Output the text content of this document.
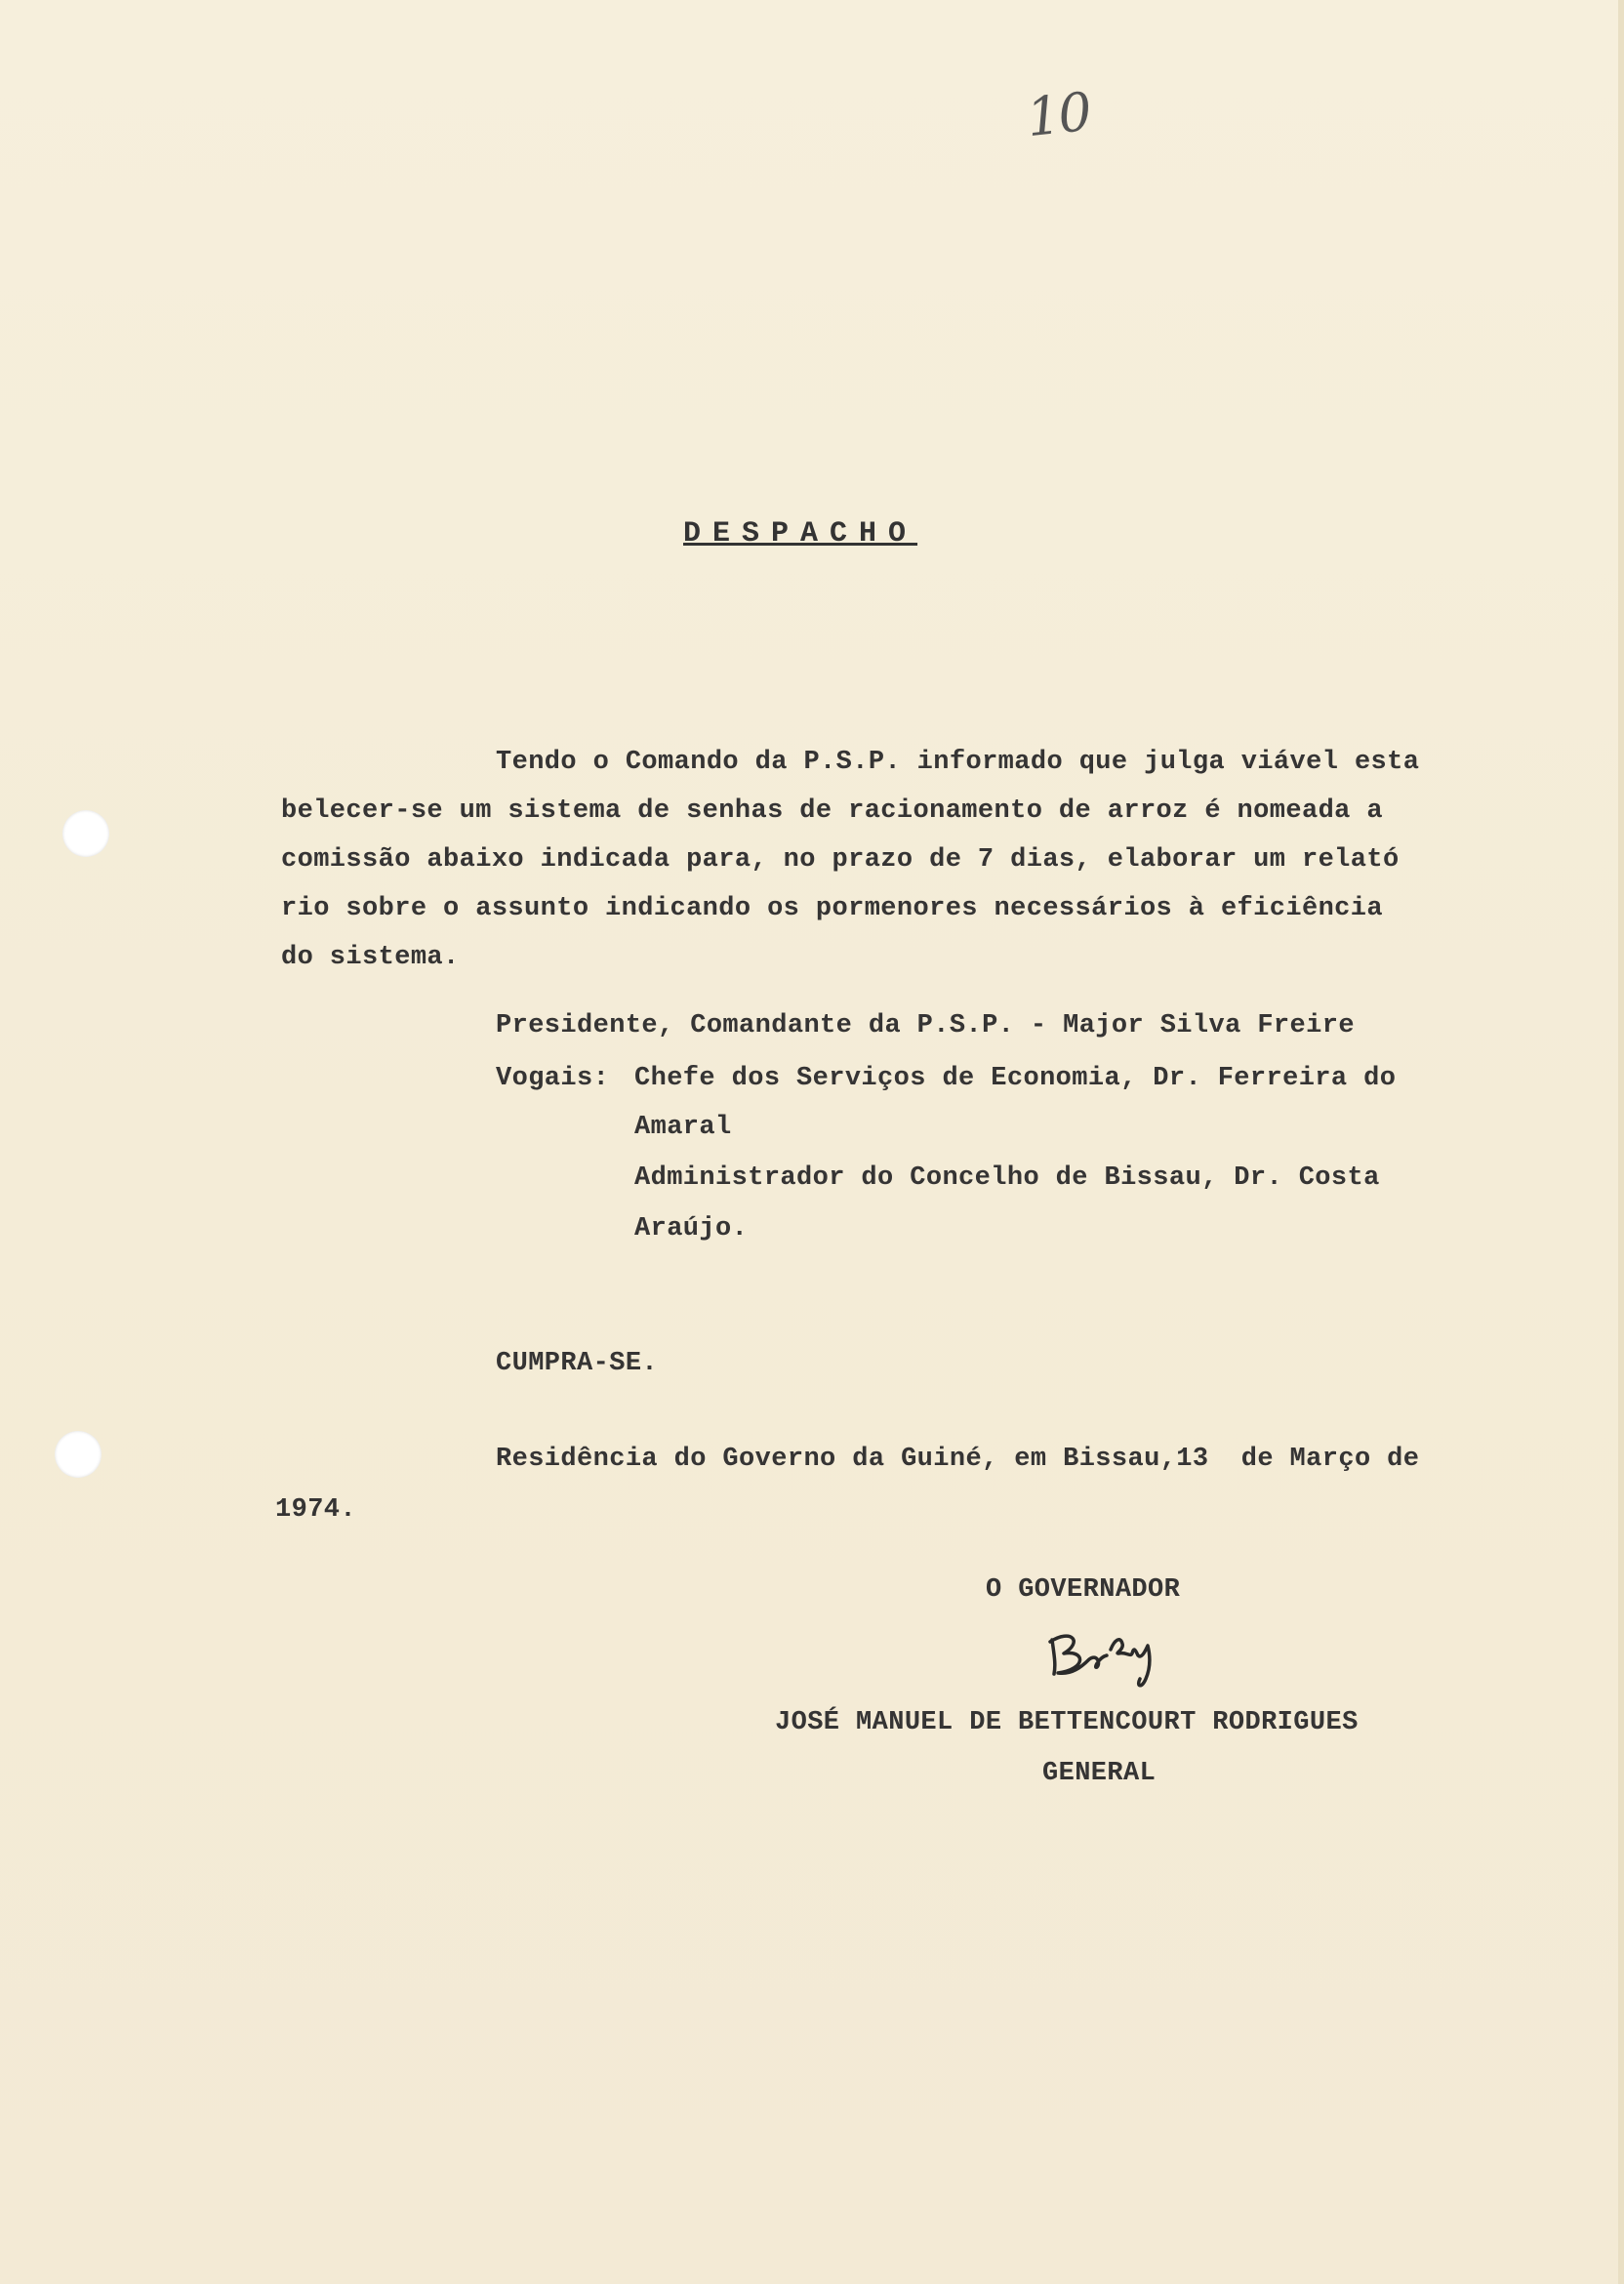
10
DESPACHO
Tendo o Comando da P.S.P. informado que julga viável esta
belecer-se um sistema de senhas de racionamento de arroz é nomeada a
comissão abaixo indicada para, no prazo de 7 dias, elaborar um relató
rio sobre o assunto indicando os pormenores necessários à eficiência
do sistema.
Presidente, Comandante da P.S.P. - Major Silva Freire
Vogais: Chefe dos Serviços de Economia, Dr. Ferreira do
Amaral
Administrador do Concelho de Bissau, Dr. Costa
Araújo.
CUMPRA-SE.
Residência do Governo da Guiné, em Bissau,13  de Março de
1974.
O GOVERNADOR
JOSÉ MANUEL DE BETTENCOURT RODRIGUES
GENERAL
